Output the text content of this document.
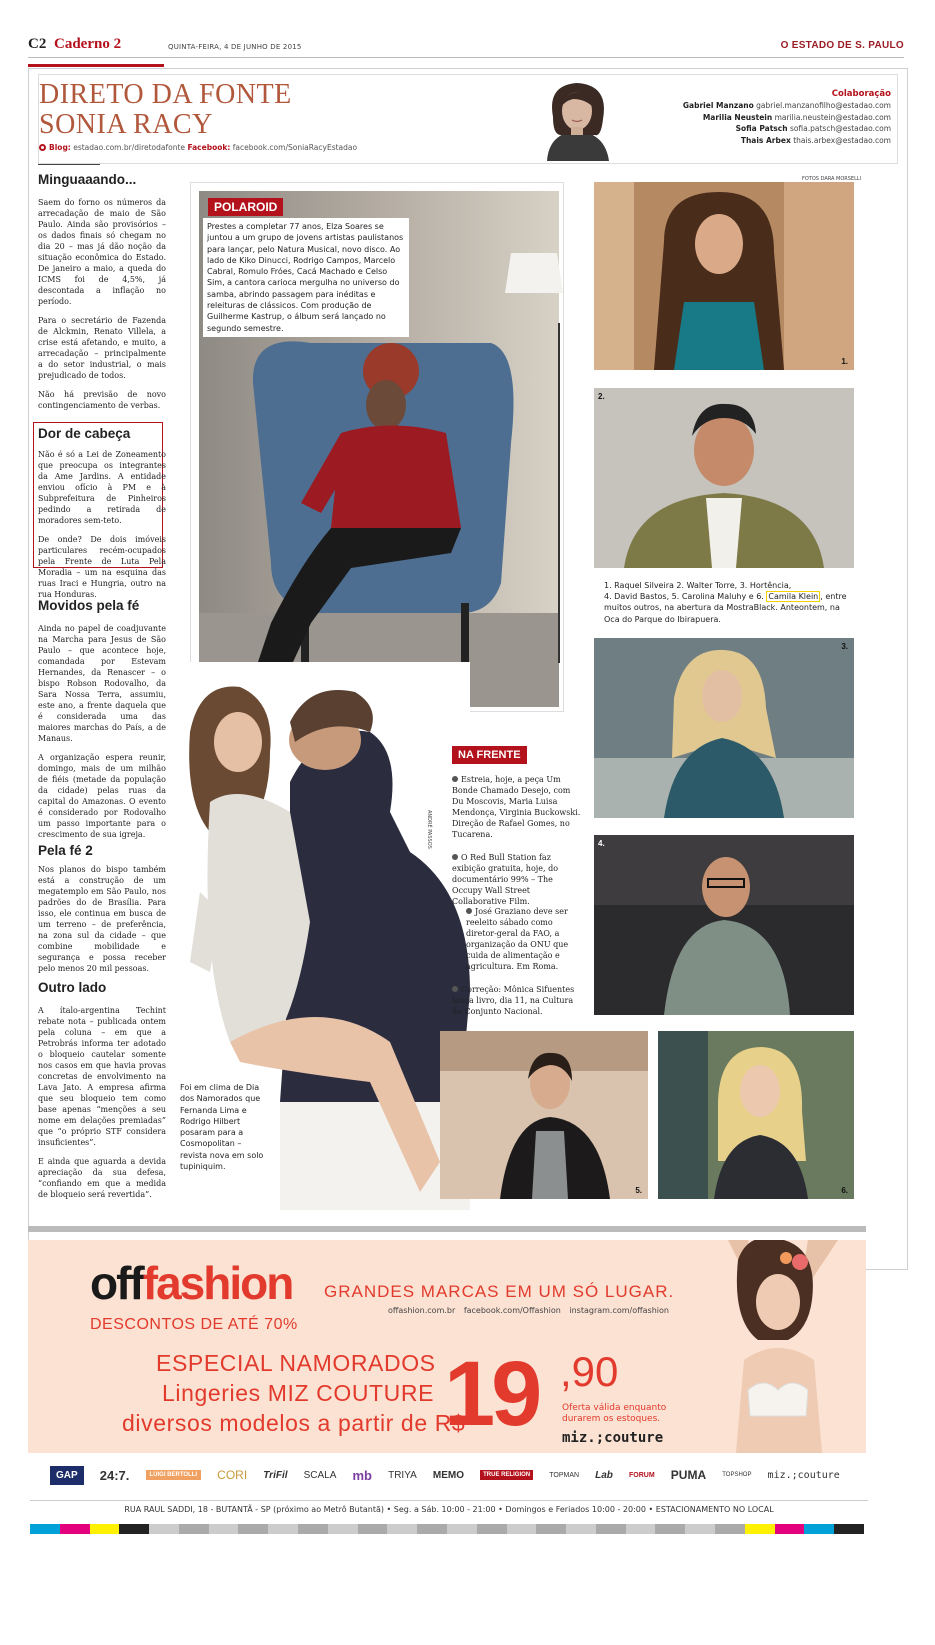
C2 Caderno 2	QUINTA-FEIRA, 4 DE JUNHO DE 2015	O ESTADO DE S. PAULO
DIRETO DA FONTE
SONIA RACY
Blog: estadao.com.br/diretodafonte Facebook: facebook.com/SoniaRacyEstadao
Colaboração
Gabriel Manzano gabriel.manzanofilho@estadao.com
Marilia Neustein marilia.neustein@estadao.com
Sofia Patsch sofia.patsch@estadao.com
Thais Arbex thais.arbex@estadao.com
Minguaaando...

Saem do forno os números da arrecadação de maio de São Paulo. Ainda são provisórios – os dados finais só chegam no dia 20 – mas já dão noção da situação econômica do Estado. De janeiro a maio, a queda do ICMS foi de 4,5%, já descontada a inflação no período.

Para o secretário de Fazenda de Alckmin, Renato Villela, a crise está afetando, e muito, a arrecadação – principalmente a do setor industrial, o mais prejudicado de todos.

Não há previsão de novo contingenciamento de verbas.

Dor de cabeça

Não é só a Lei de Zoneamento que preocupa os integrantes da Ame Jardins. A entidade enviou ofício à PM e à Subprefeitura de Pinheiros pedindo a retirada de moradores sem-teto.

De onde? De dois imóveis particulares recém-ocupados pela Frente de Luta Pela Moradia – um na esquina das ruas Iraci e Hungria, outro na rua Honduras.

Movidos pela fé

Ainda no papel de coadjuvante na Marcha para Jesus de São Paulo – que acontece hoje, comandada por Estevam Hernandes, da Renascer – o bispo Robson Rodovalho, da Sara Nossa Terra, assumiu, este ano, a frente daquela que é considerada uma das maiores marchas do País, a de Manaus.

A organização espera reunir, domingo, mais de um milhão de fiéis (metade da população da cidade) pelas ruas da capital do Amazonas. O evento é considerado por Rodovalho um passo importante para o crescimento de sua igreja.

Pela fé 2

Nos planos do bispo também está a construção de um megatemplo em São Paulo, nos padrões do de Brasília. Para isso, ele continua em busca de um terreno – de preferência, na zona sul da cidade – que combine mobilidade e segurança e possa receber pelo menos 20 mil pessoas.

Outro lado

A ítalo-argentina Techint rebate nota – publicada ontem pela coluna – em que a Petrobrás informa ter adotado o bloqueio cautelar somente nos casos em que havia provas concretas de envolvimento na Lava Jato. A empresa afirma que seu bloqueio tem como base apenas “menções a seu nome em delações premiadas” que “o próprio STF considera insuficientes”.

E ainda que aguarda a devida apreciação da sua defesa, “confiando em que a medida de bloqueio será revertida”.

FOTOS DARA MORSELLI
POLAROID
Prestes a completar 77 anos, Elza Soares se juntou a um grupo de jovens artistas paulistanos para lançar, pelo Natura Musical, novo disco. Ao lado de Kiko Dinucci, Rodrigo Campos, Marcelo Cabral, Romulo Fróes, Cacá Machado e Celso Sim, a cantora carioca mergulha no universo do samba, abrindo passagem para inéditas e releituras de clássicos. Com produção de Guilherme Kastrup, o álbum será lançado no segundo semestre.
ANDRÉ PASSOS
Foi em clima de Dia dos Namorados que Fernanda Lima e Rodrigo Hilbert posaram para a Cosmopolitan – revista nova em solo tupiniquim.
NA FRENTE
Estreia, hoje, a peça Um Bonde Chamado Desejo, com Du Moscovis, Maria Luisa Mendonça, Virginia Buckowski. Direção de Rafael Gomes, no Tucarena.
O Red Bull Station faz exibição gratuita, hoje, do documentário 99% – The Occupy Wall Street Collaborative Film.
José Graziano deve ser reeleito sábado como diretor-geral da FAO, a organização da ONU que cuida de alimentação e agricultura. Em Roma.
Correção: Mônica Sifuentes lança livro, dia 11, na Cultura do Conjunto Nacional.
1.
2.
1. Raquel Silveira 2. Walter Torre, 3. Hortência,
4. David Bastos, 5. Carolina Maluhy e 6. Camila Klein , entre muitos outros, na abertura da MostraBlack. Anteontem, na Oca do Parque do Ibirapuera.
3.
4.
5.	6.
offfashion GRANDES MARCAS EM UM SÓ LUGAR.
offashion.com.br facebook.com/Offashion instagram.com/offashion
DESCONTOS DE ATÉ 70%
ESPECIAL NAMORADOS
Lingeries MIZ COUTURE
diversos modelos a partir de R$
19 ,90
Oferta válida enquanto durarem os estoques.
miz.;couture
GAP	24:7.	LUIGI BERTOLLI	CORI TriFil SCALA mb TRIYA MEMO	TRUE RELIGION	TOPMAN Lab FORUM PUMA	TOPSHOP miz.;couture
RUA RAUL SADDI, 18 - BUTANTÃ - SP (próximo ao Metrô Butantã) • Seg. a Sáb. 10:00 - 21:00 • Domingos e Feriados 10:00 - 20:00 • ESTACIONAMENTO NO LOCAL
